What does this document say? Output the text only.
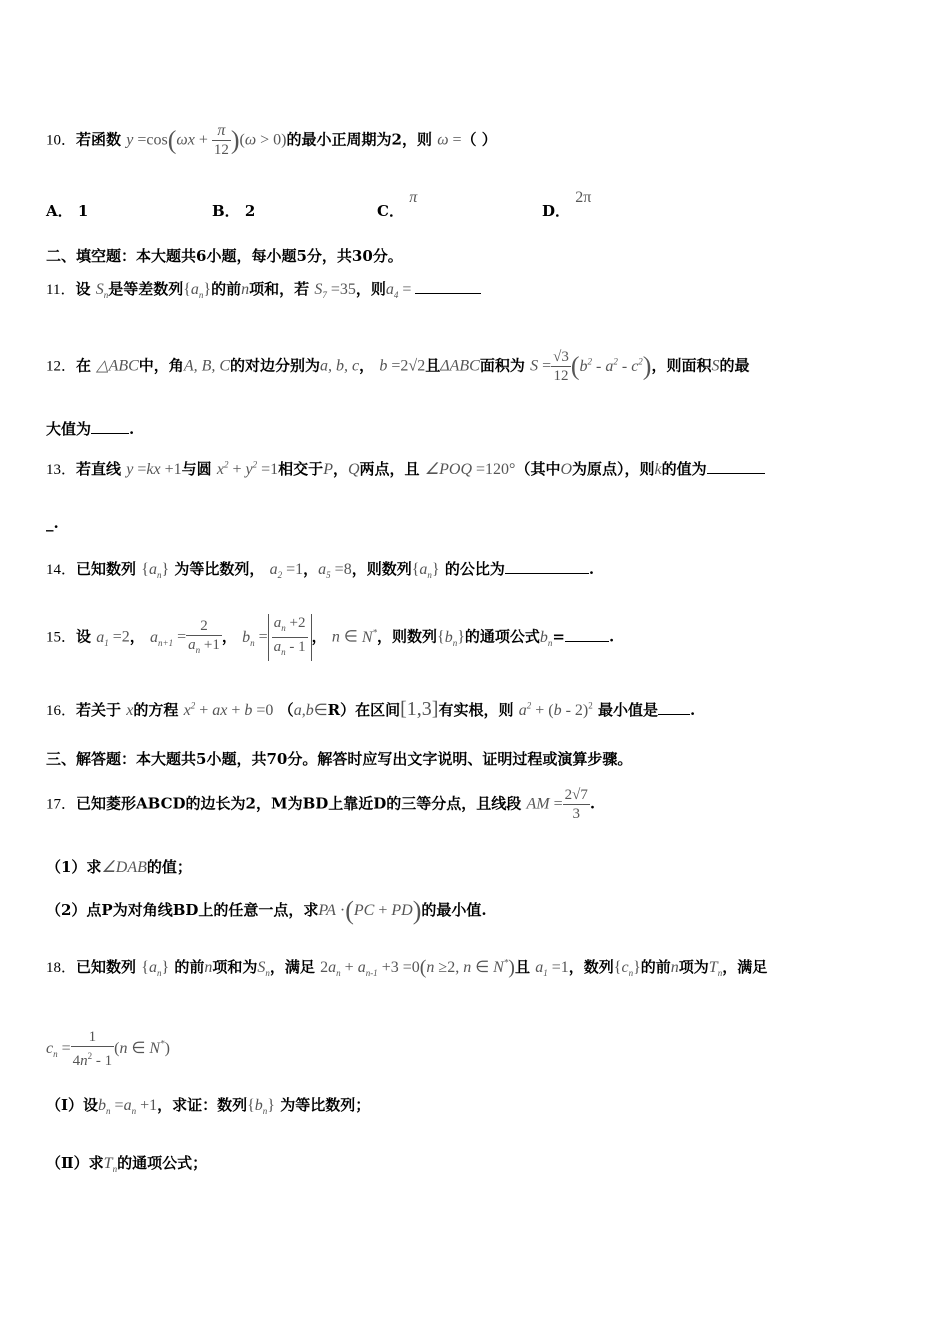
10．若函数 $y =\cos(\omega x + \frac{\pi}{12} )(\omega > 0)$的最小正周期为2，则 ω =（ ）
A． 1	B． 2	C． π
D． 2π
二、填空题：本大题共6小题，每小题5分，共30分。
11．设 $S_n$是等差数列$\{a_n\}$的前n项和，若 $S_7 =35$，则$a_4$ =
12．在 △ABC中，角A, B, C的对边分别为a, b, c， b =2√2且ΔABC面积为 $S = \frac{√3}{12} (b^2 - a^2 - c^2)$，则面积S的最
大值为	.
13．若直线 y =kx +1与圆 $x^2 + y^2 =1$相交于P，Q两点，且 ∠POQ =120°（其中O为原点），则k的值为
_.
14．已知数列 $\{a_n\}$ 为等比数列， $a_2 =1$，$a_5 =8$，则数列$\{a_n\}$ 的公比为	.
15．设 $a_1 =2$， $a_{n+1} = \frac{2}{a_n +1}$ ， $b_n = \frac{a_n +2}{a_n - 1}$ ， n ∈ N*，则数列$\{b_n\}$的通项公式$b_n=$	.
16．若关于 x的方程 $x^2$ + ax + b =0 （a,b∈R）在区间[1,3]有实根，则 $a^2 + (b - 2)^2$ 最小值是 .
三、解答题：本大题共5小题，共70分。解答时应写出文字说明、证明过程或演算步骤。
17．已知菱形ABCD的边长为2，M为BD上靠近D的三等分点，且线段 AM = $\frac{2√7}{3}$ .
（1）求∠DAB的值；
（2）点P为对角线BD上的任意一点，求PA ·(PC + PD)的最小值.
18．已知数列 $\{a_n\}$ 的前n项和为$S_n$，满足 $2a_n + a_{n-1} +3 =0(n \ge 2$, n ∈ N*)且 $a_1 =1$，数列$\{c_n\}$的前n项为$T_n$，满足
$c_n = \frac{1}{4n^2 - 1} (n$ ∈ N*)
（Ⅰ）设$b_n =a_n +1$，求证：数列$\{b_n\}$ 为等比数列；
（Ⅱ）求$T_n$的通项公式；
